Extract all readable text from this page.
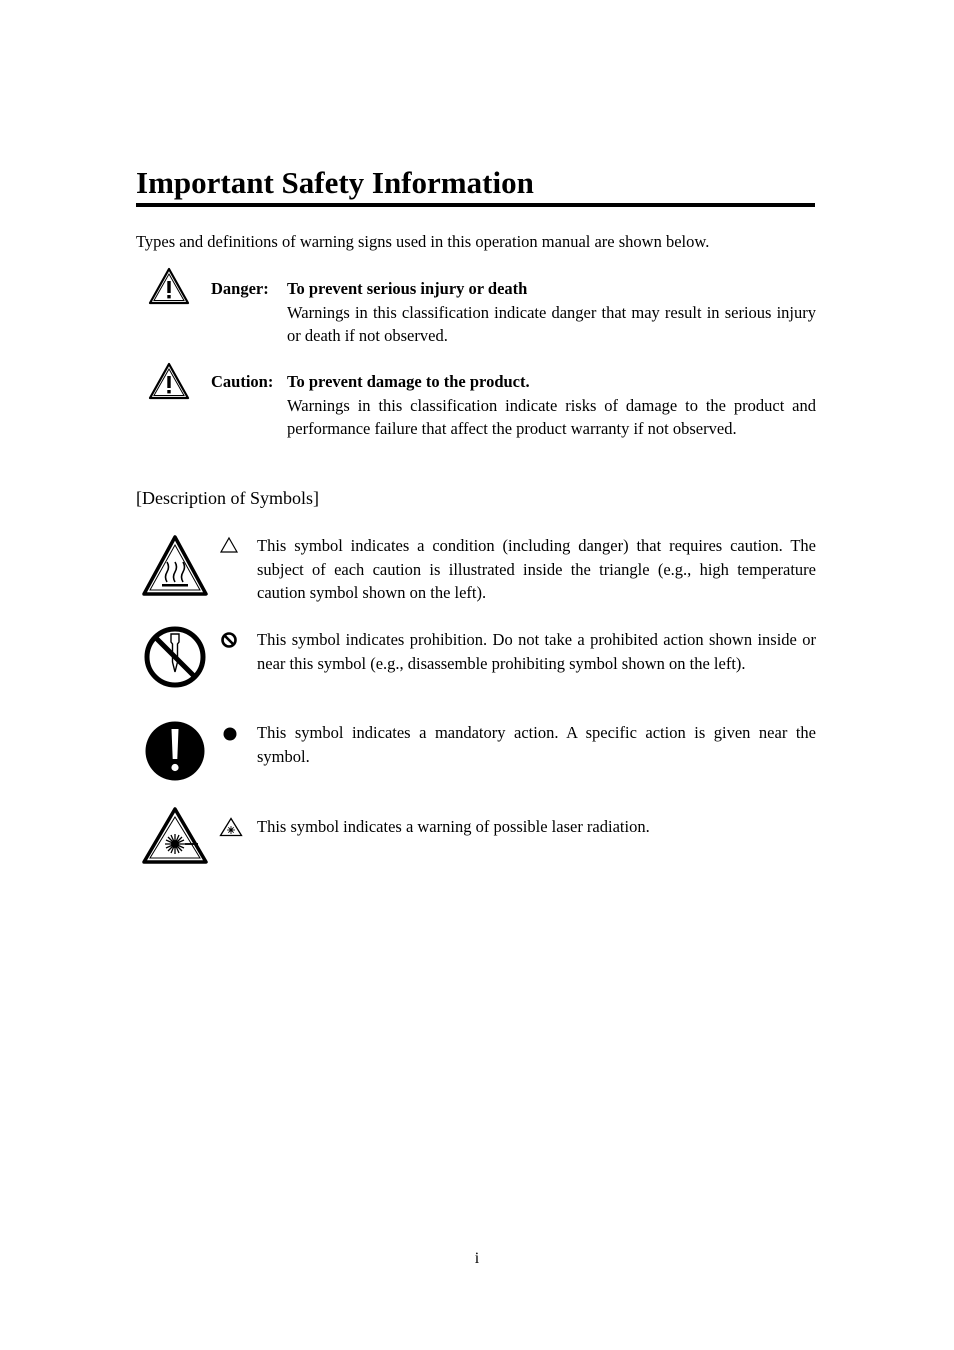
Important Safety Information
Types and definitions of warning signs used in this operation manual are shown below.
Danger: To prevent serious injury or death
Warnings in this classification indicate danger that may result in serious injury or death if not observed.
Caution: To prevent damage to the product.
Warnings in this classification indicate risks of damage to the product and performance failure that affect the product warranty if not observed.
[Description of Symbols]
This symbol indicates a condition (including danger) that requires caution. The subject of each caution is illustrated inside the triangle (e.g., high temperature caution symbol shown on the left).
This symbol indicates prohibition. Do not take a prohibited action shown inside or near this symbol (e.g., disassemble prohibiting symbol shown on the left).
This symbol indicates a mandatory action. A specific action is given near the symbol.
This symbol indicates a warning of possible laser radiation.
i
